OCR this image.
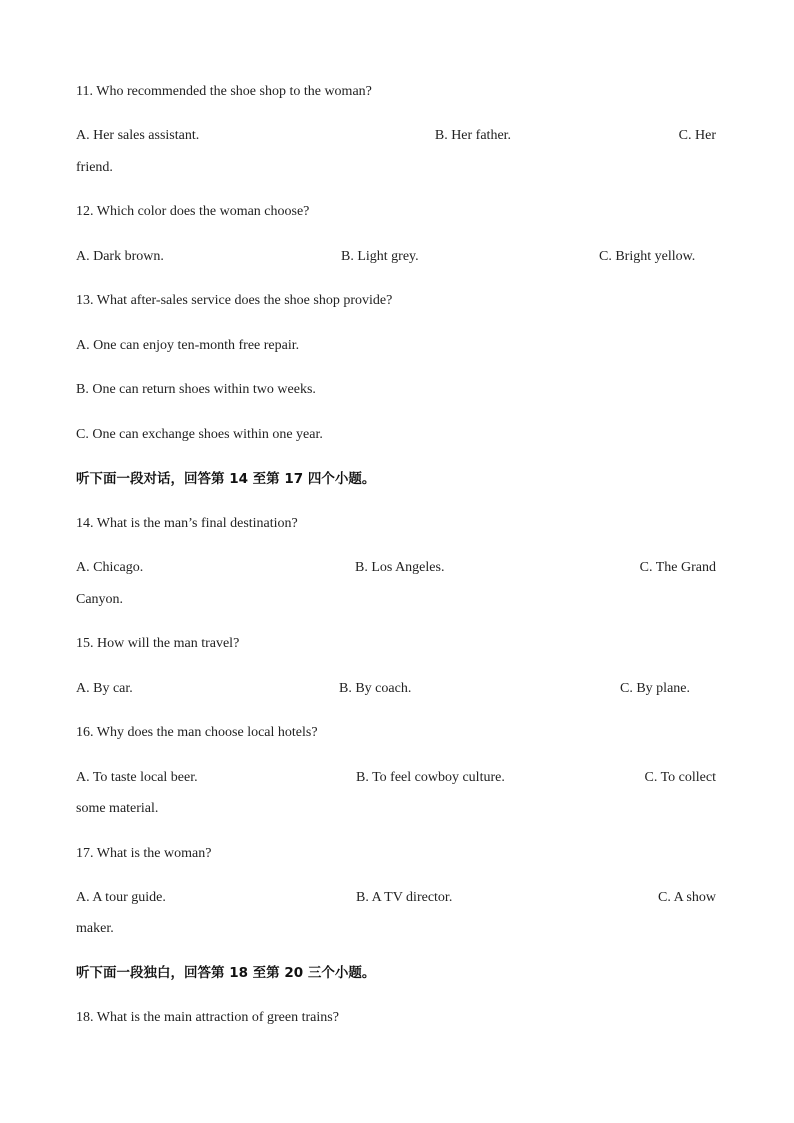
11. Who recommended the shoe shop to the woman?
A. Her sales assistant.	B. Her father.	C. Her
friend.
12. Which color does the woman choose?
A. Dark brown.	B. Light grey.	C. Bright yellow.
13. What after-sales service does the shoe shop provide?
A. One can enjoy ten-month free repair.
B. One can return shoes within two weeks.
C. One can exchange shoes within one year.
听下面一段对话，回答第 14 至第 17 四个小题。
14. What is the man’s final destination?
A. Chicago.	B. Los Angeles.	C. The Grand
Canyon.
15. How will the man travel?
A. By car.	B. By coach.	C. By plane.
16. Why does the man choose local hotels?
A. To taste local beer.	B. To feel cowboy culture.	C. To collect
some material.
17. What is the woman?
A. A tour guide.	B. A TV director.	C. A show
maker.
听下面一段独白，回答第 18 至第 20 三个小题。
18. What is the main attraction of green trains?
